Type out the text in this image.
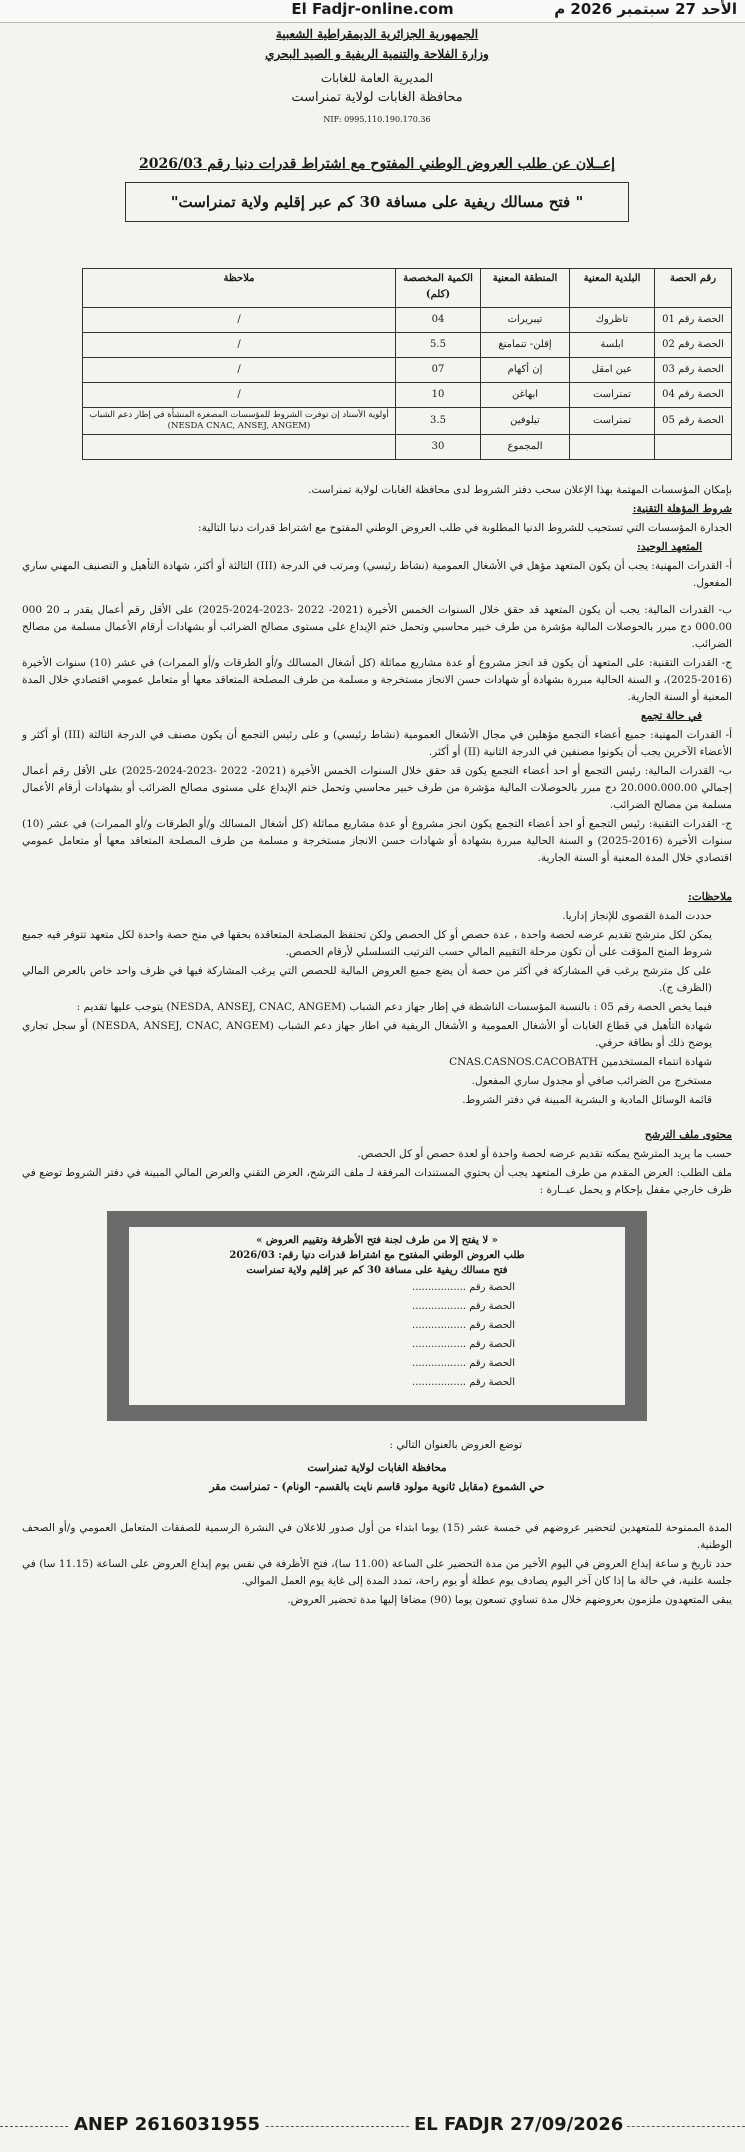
الأحد 27 سبتمبر 2026 م
El Fadjr-online.com
الجمهورية الجزائرية الديمقراطية الشعبية
وزارة الفلاحة والتنمية الريفية و الصيد البحري
المديرية العامة للغابات
محافظة الغابات لولاية تمنراست
NIF: 0995.110.190.170.36
إعــلان عن طلب العروض الوطني المفتوح مع اشتراط قدرات دنيا رقم 2026/03
" فتح مسالك ريفية على مسافة 30 كم عبر إقليم ولاية تمنراست"
رقم الحصة	البلدية المعنية	المنطقة المعنية	الكمية المخصصة (كلم)	ملاحظة
الحصة رقم 01	تاظروك	تيبريرات	04	/
الحصة رقم 02	ابلسة	إقلن- تنمامنغ	5.5	/
الحصة رقم 03	عين امقل	إن أكهام	07	/
الحصة رقم 04	تمنراست	ابهاغن	10	/
الحصة رقم 05	تمنراست	تيلوفين	3.5	أولوية الأسناد إن توفرت الشروط للمؤسسات المصغرة المنشأة في إطار دعم الشباب (NESDA CNAC, ANSEJ, ANGEM)
		المجموع	30	

بإمكان المؤسسات المهتمة بهذا الإعلان سحب دفتر الشروط لدى محافظة الغابات لولاية تمنراست.

شروط المؤهلة التقنية:

الجدارة المؤسسات التي تستجيب للشروط الدنيا المطلوبة في طلب العروض الوطني المفتوح مع اشتراط قدرات دنيا التالية:

المتعهد الوحيد:

أ- القدرات المهنية: يجب أن يكون المتعهد مؤهل في الأشغال العمومية (نشاط رئيسي) ومرتب في الدرجة (III) الثالثة أو أكثر، شهادة التأهيل و التصنيف المهني ساري المفعول.

ب- القدرات المالية: يجب أن يكون المتعهد قد حقق خلال السنوات الخمس الأخيرة (2021- 2022 -2023-2024-2025) على الأقل رقم أعمال يقدر بـ 20 000 000.00 دج مبرر بالحوصلات المالية مؤشرة من طرف خبير محاسبي وتحمل ختم الإيداع على مستوى مصالح الضرائب أو بشهادات أرقام الأعمال مسلمة من مصالح الضرائب.

ج- القدرات التقنية: على المتعهد أن يكون قد انجز مشروع أو عدة مشاريع مماثلة (كل أشغال المسالك و/أو الطرقات و/أو الممرات) في عشر (10) سنوات الأخيرة (2016-2025)، و السنة الحالية مبررة بشهادة أو شهادات حسن الانجاز مستخرجة و مسلمة من طرف المصلحة المتعاقد معها أو متعامل عمومي اقتصادي خلال المدة المعنية أو السنة الجارية.

في حالة تجمع

أ- القدرات المهنية: جميع أعضاء التجمع مؤهلين في مجال الأشغال العمومية (نشاط رئيسي) و على رئيس التجمع أن يكون مصنف في الدرجة الثالثة (III) أو أكثر و الأعضاء الآخرين يجب أن يكونوا مصنفين في الدرجة الثانية (II) أو أكثر.

ب- القدرات المالية: رئيس التجمع أو احد أعضاء التجمع يكون قد حقق خلال السنوات الخمس الأخيرة (2021- 2022 -2023-2024-2025) على الأقل رقم أعمال إجمالي 20.000.000.00 دج مبرر بالحوصلات المالية مؤشرة من طرف خبير محاسبي وتحمل ختم الإيداع على مستوى مصالح الضرائب أو بشهادات أرقام الأعمال مسلمة من مصالح الضرائب.

ج- القدرات التقنية: رئيس التجمع أو احد أعضاء التجمع يكون انجز مشروع أو عدة مشاريع مماثلة (كل أشغال المسالك و/أو الطرقات و/أو الممرات) في عشر (10) سنوات الأخيرة (2016-2025) و السنة الحالية مبررة بشهادة أو شهادات حسن الانجاز مستخرجة و مسلمة من طرف المصلحة المتعاقد معها أو متعامل عمومي اقتصادي خلال المدة المعنية أو السنة الجارية.

ملاحظات:

حددت المدة القصوى للإنجاز إداريا.

يمكن لكل مترشح تقديم عرضه لحصة واحدة ، عدة حصص أو كل الحصص ولكن تحتفظ المصلحة المتعاقدة بحقها في منح حصة واحدة لكل متعهد تتوفر فيه جميع شروط المنح المؤقت على أن تكون مرحلة التقييم المالي حسب الترتيب التسلسلي لأرقام الحصص.

على كل مترشح يرغب في المشاركة في أكثر من حصة أن يضع جميع العروض المالية للحصص التي يرغب المشاركة فيها في ظرف واحد خاص بالعرض المالي (الظرف ج).

فيما يخص الحصة رقم 05 : بالنسبة المؤسسات الناشطة في إطار جهاز دعم الشباب (NESDA, ANSEJ, CNAC, ANGEM) يتوجب عليها تقديم :

شهادة التأهيل في قطاع الغابات أو الأشغال العمومية و الأشغال الريفية في اطار جهاز دعم الشباب (NESDA, ANSEJ, CNAC, ANGEM) أو سجل تجاري يوضح ذلك أو بطاقة حرفي.

شهادة انتماء المستخدمين CNAS.CASNOS.CACOBATH

مستخرج من الضرائب صافي أو مجدول ساري المفعول.

قائمة الوسائل المادية و البشرية المبينة في دفتر الشروط.

محتوى ملف الترشح

حسب ما يريد المترشح يمكنه تقديم عرضه لحصة واحدة أو لعدة حصص أو كل الحصص.

ملف الطلب: العرض المقدم من طرف المتعهد يجب أن يحتوي المستندات المرفقة لـ ملف الترشح، العرض التقني والعرض المالي المبينة في دفتر الشروط توضع في ظرف خارجي مقفل بإحكام و يحمل عبــارة :

« لا يفتح إلا من طرف لجنة فتح الأظرفة وتقييم العروض »
طلب العروض الوطني المفتوح مع اشتراط قدرات دنيا رقم: 2026/03
فتح مسالك ريفية على مسافة 30 كم عبر إقليم ولاية تمنراست
الحصة رقم .................
الحصة رقم .................
الحصة رقم .................
الحصة رقم .................
الحصة رقم .................
الحصة رقم .................

توضع العروض بالعنوان التالي :

محافظة الغابات لولاية تمنراست

حي الشموع (مقابل ثانوية مولود قاسم نايت بالقسم- الونام) - تمنراست مقر

المدة الممنوحة للمتعهدين لتحضير عروضهم في خمسة عشر (15) يوما ابتداء من أول صدور للاعلان في النشرة الرسمية للصفقات المتعامل العمومي و/أو الصحف الوطنية.

حدد تاريخ و ساعة إيداع العروض في اليوم الأخير من مدة التحضير على الساعة (11.00 سا)، فتح الأظرفة في نفس يوم إيداع العروض على الساعة (11.15 سا) في جلسة علنية، في حالة ما إذا كان آخر اليوم يصادف يوم عطلة أو يوم راحة، تمدد المدة إلى غاية يوم العمل الموالي.

يبقى المتعهدون ملزمون بعروضهم خلال مدة تساوي تسعون يوما (90) مضافا إليها مدة تحضير العروض.

ANEP 2616031955	EL FADJR 27/09/2026
